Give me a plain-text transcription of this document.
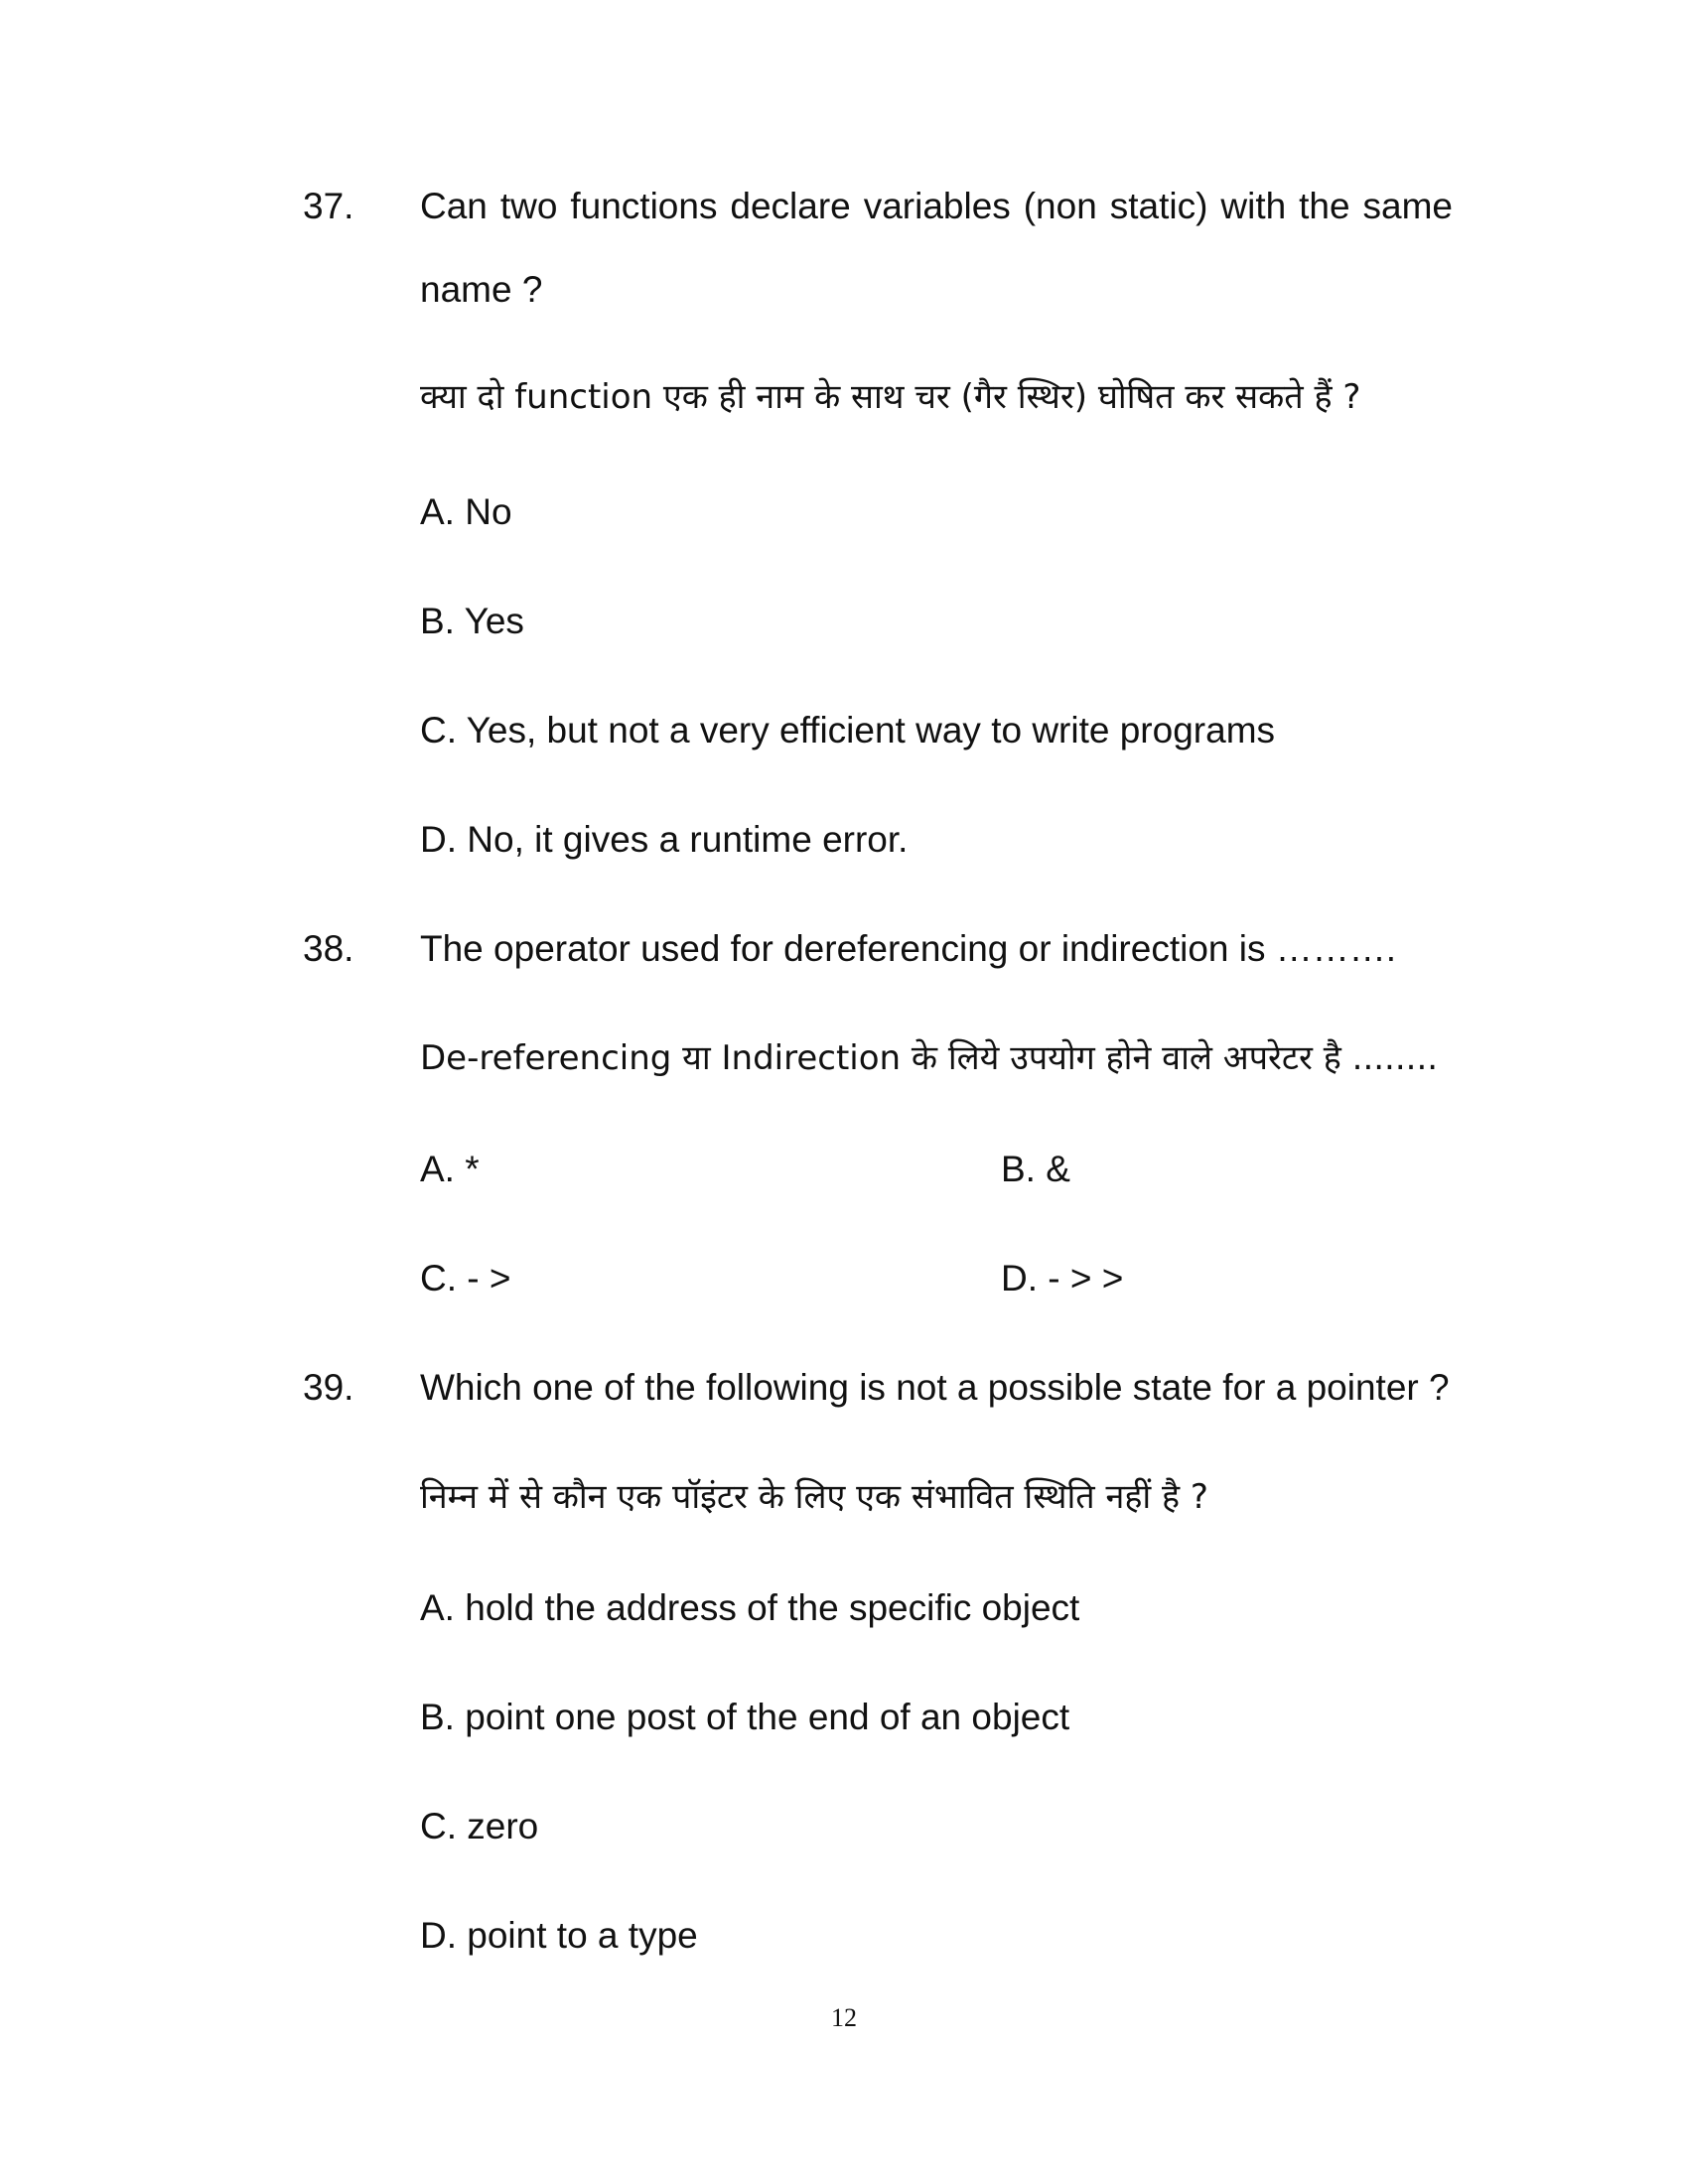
37. Can two functions declare variables (non static) with the same
name ?
क्या दो function एक ही नाम के साथ चर (गैर स्थिर) घोषित कर सकते हैं ?
A. No
B. Yes
C. Yes, but not a very efficient way to write programs
D. No, it gives a runtime error.
38. The operator used for dereferencing or indirection is ……….
De-referencing या Indirection के लिये उपयोग होने वाले अपरेटर है ........
A. *	B. &
C. - >	D. - > >
39. Which one of the following is not a possible state for a pointer ?
निम्न में से कौन एक पॉइंटर के लिए एक संभावित स्थिति नहीं है ?
A. hold the address of the specific object
B. point one post of the end of an object
C. zero
D. point to a type
12
